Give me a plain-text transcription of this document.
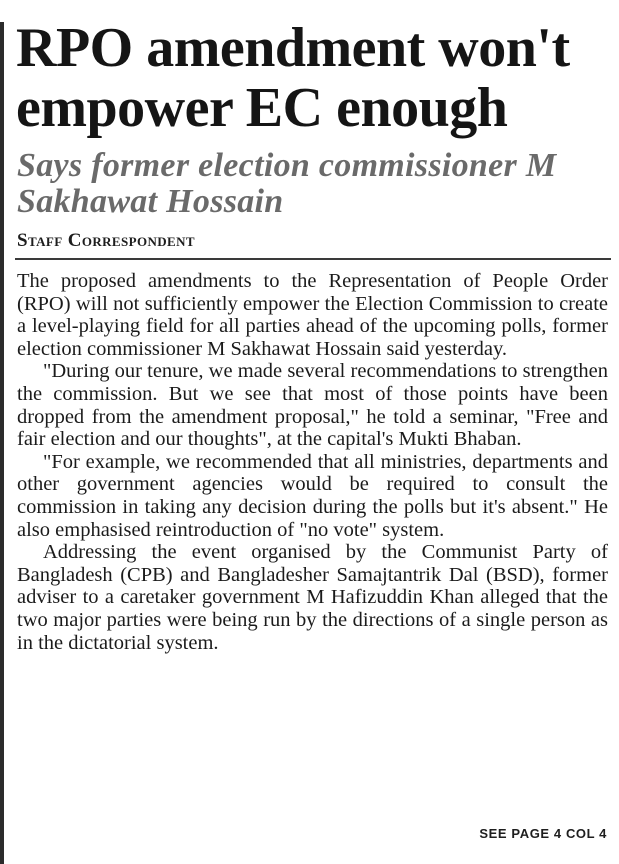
RPO amendment won't empower EC enough
Says former election commissioner M Sakhawat Hossain
Staff Correspondent

The proposed amendments to the Representation of People Order (RPO) will not sufficiently empower the Election Commission to create a level-playing field for all parties ahead of the upcoming polls, former election commissioner M Sakhawat Hossain said yesterday.

"During our tenure, we made several recommendations to strengthen the commission. But we see that most of those points have been dropped from the amendment proposal," he told a seminar, "Free and fair election and our thoughts", at the capital's Mukti Bhaban.

"For example, we recommended that all ministries, departments and other government agencies would be required to consult the commission in taking any decision during the polls but it's absent." He also emphasised reintroduction of "no vote" system.

Addressing the event organised by the Communist Party of Bangladesh (CPB) and Bangladesher Samajtantrik Dal (BSD), former adviser to a caretaker government M Hafizuddin Khan alleged that the two major parties were being run by the directions of a single person as in the dictatorial system.

SEE PAGE 4 COL 4
